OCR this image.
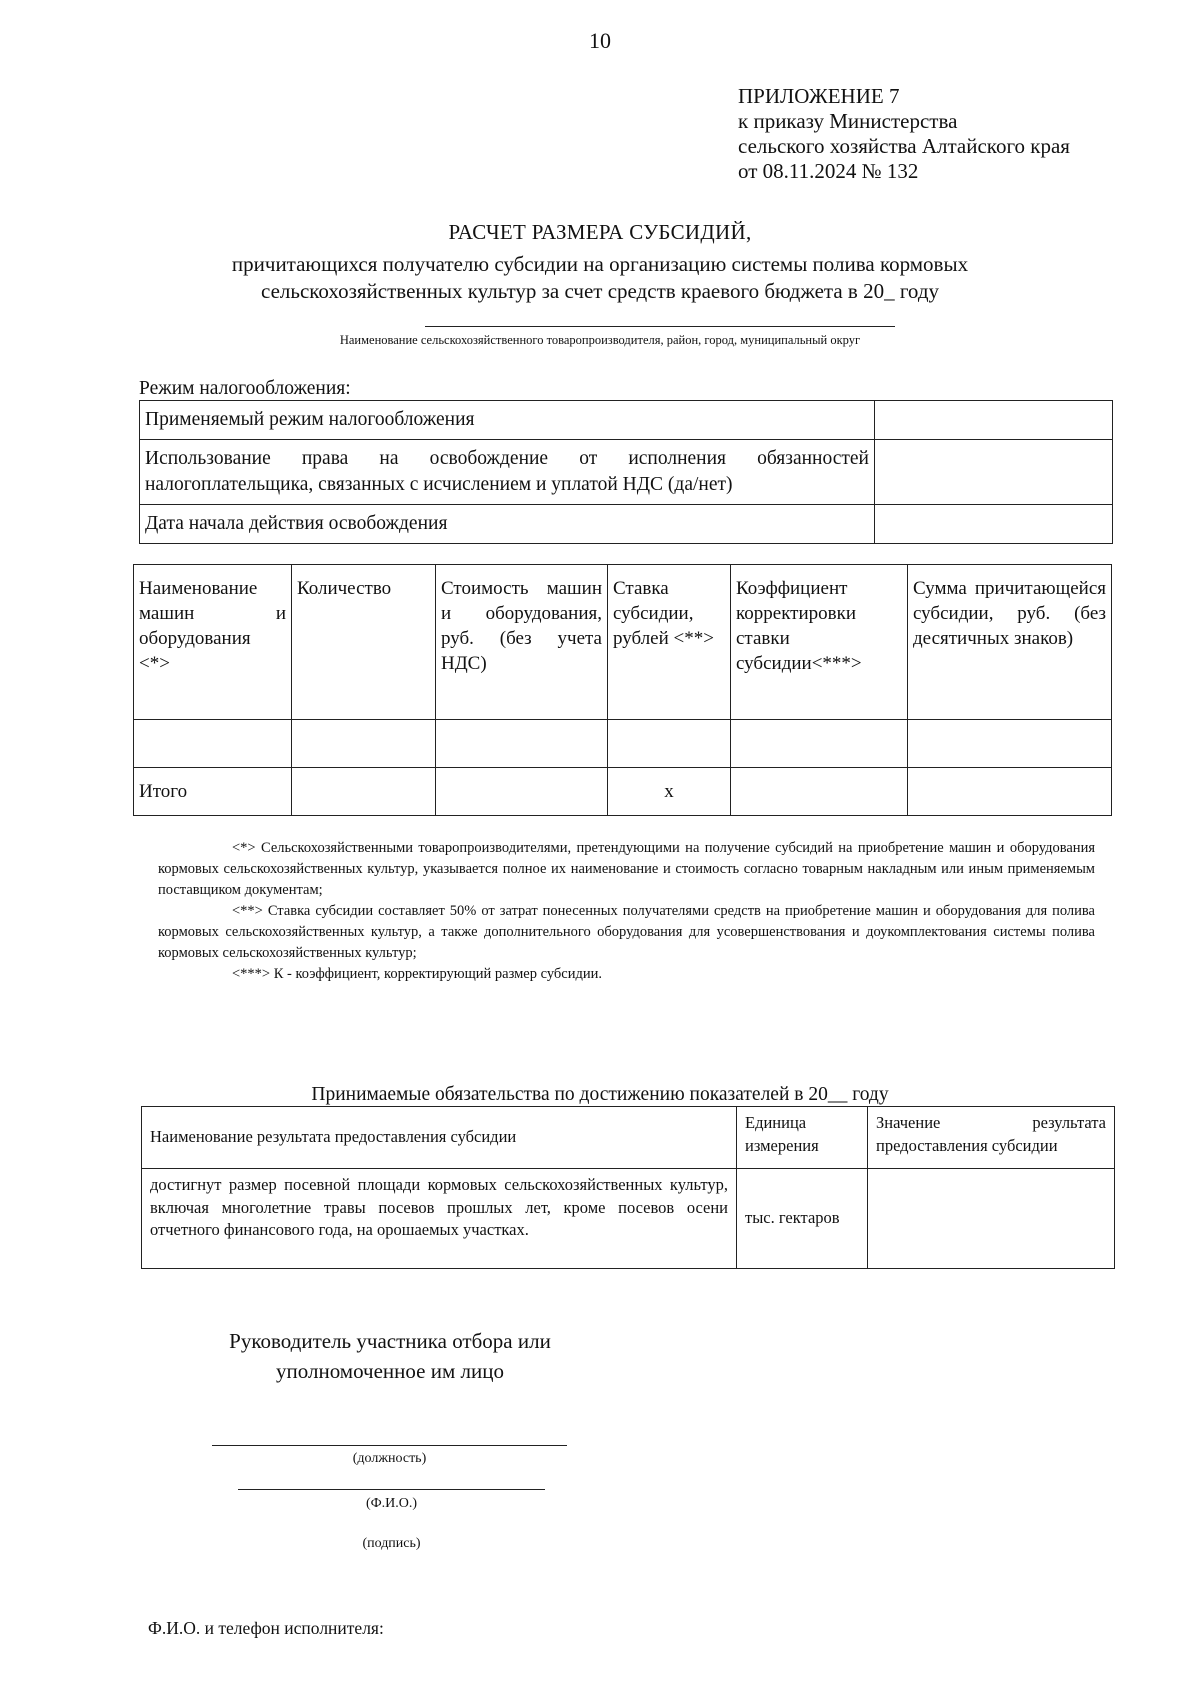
10
ПРИЛОЖЕНИЕ 7
к приказу Министерства
сельского хозяйства Алтайского края
от 08.11.2024 № 132
РАСЧЕТ РАЗМЕРА СУБСИДИЙ,
причитающихся получателю субсидии на организацию системы полива кормовых
сельскохозяйственных культур за счет средств краевого бюджета в 20_ году
Наименование сельскохозяйственного товаропроизводителя, район, город, муниципальный округ
Режим налогообложения:
Применяемый режим налогообложения	
Использование права на освобождение от исполнения обязанностей налогоплательщика, связанных с исчислением и уплатой НДС (да/нет)	
Дата начала действия освобождения	
Наименование машин и оборудования <*>	Количество	Стоимость машин и оборудования, руб. (без учета НДС)	Ставка субсидии, рублей <**>	Коэффициент корректировки ставки субсидии<***>	Сумма причитающейся субсидии, руб. (без десятичных знаков)

Итого			x		

<*> Сельскохозяйственными товаропроизводителями, претендующими на получение субсидий на приобретение машин и оборудования кормовых сельскохозяйственных культур, указывается полное их наименование и стоимость согласно товарным накладным или иным применяемым поставщиком документам;

<**> Ставка субсидии составляет 50% от затрат понесенных получателями средств на приобретение машин и оборудования для полива кормовых сельскохозяйственных культур, а также дополнительного оборудования для усовершенствования и доукомплектования системы полива кормовых сельскохозяйственных культур;

<***> К - коэффициент, корректирующий размер субсидии.

Принимаемые обязательства по достижению показателей в 20__ году
Наименование результата предоставления субсидии	Единица измерения	Значение результата предоставления субсидии
достигнут размер посевной площади кормовых сельскохозяйственных культур, включая многолетние травы посевов прошлых лет, кроме посевов осени отчетного финансового года, на орошаемых участках.	тыс. гектаров	
Руководитель участника отбора или
уполномоченное им лицо
(должность)
(Ф.И.О.)
(подпись)
Ф.И.О. и телефон исполнителя:
